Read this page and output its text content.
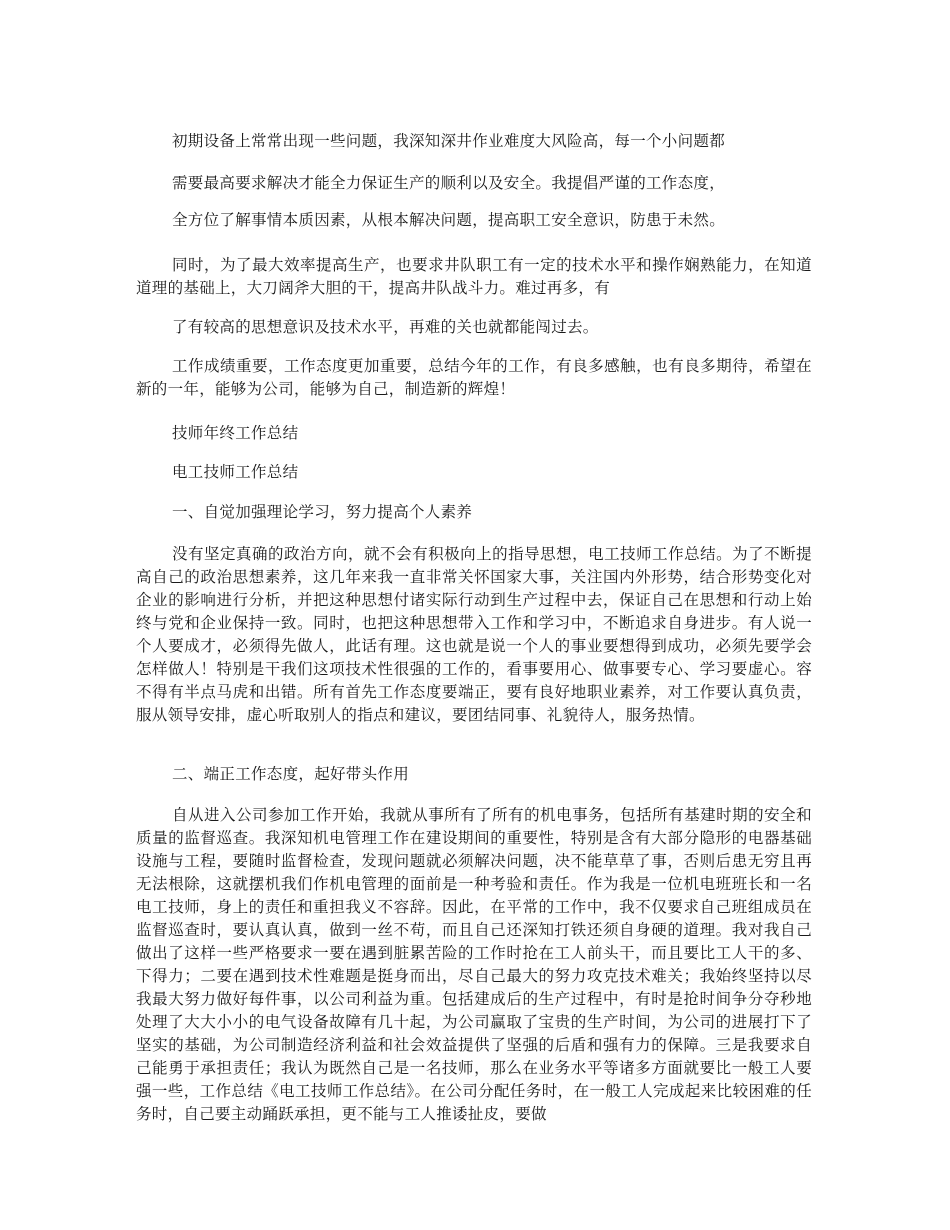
初期设备上常常出现一些问题，我深知深井作业难度大风险高，每一个小问题都

需要最高要求解决才能全力保证生产的顺利以及安全。我提倡严谨的工作态度，

全方位了解事情本质因素，从根本解决问题，提高职工安全意识，防患于未然。

同时，为了最大效率提高生产，也要求井队职工有一定的技术水平和操作娴熟能力，在知道道理的基础上，大刀阔斧大胆的干，提高井队战斗力。难过再多，有

了有较高的思想意识及技术水平，再难的关也就都能闯过去。

工作成绩重要，工作态度更加重要，总结今年的工作，有良多感触，也有良多期待，希望在新的一年，能够为公司，能够为自己，制造新的辉煌！

技师年终工作总结

电工技师工作总结

一、自觉加强理论学习，努力提高个人素养

没有坚定真确的政治方向，就不会有积极向上的指导思想，电工技师工作总结。为了不断提高自己的政治思想素养，这几年来我一直非常关怀国家大事，关注国内外形势，结合形势变化对企业的影响进行分析，并把这种思想付诸实际行动到生产过程中去，保证自己在思想和行动上始终与党和企业保持一致。同时，也把这种思想带入工作和学习中，不断追求自身进步。有人说一个人要成才，必须得先做人，此话有理。这也就是说一个人的事业要想得到成功，必须先要学会怎样做人！特别是干我们这项技术性很强的工作的，看事要用心、做事要专心、学习要虚心。容不得有半点马虎和出错。所有首先工作态度要端正，要有良好地职业素养，对工作要认真负责，服从领导安排，虚心听取别人的指点和建议，要团结同事、礼貌待人，服务热情。

二、端正工作态度，起好带头作用

自从进入公司参加工作开始，我就从事所有了所有的机电事务，包括所有基建时期的安全和质量的监督巡查。我深知机电管理工作在建设期间的重要性，特别是含有大部分隐形的电器基础设施与工程，要随时监督检查，发现问题就必须解决问题，决不能草草了事，否则后患无穷且再无法根除，这就摆机我们作机电管理的面前是一种考验和责任。作为我是一位机电班班长和一名电工技师，身上的责任和重担我义不容辞。因此，在平常的工作中，我不仅要求自己班组成员在监督巡查时，要认真认真，做到一丝不苟，而且自己还深知打铁还须自身硬的道理。我对我自己做出了这样一些严格要求一要在遇到脏累苦险的工作时抢在工人前头干，而且要比工人干的多、下得力；二要在遇到技术性难题是挺身而出，尽自己最大的努力攻克技术难关；我始终坚持以尽我最大努力做好每件事，以公司利益为重。包括建成后的生产过程中，有时是抢时间争分夺秒地处理了大大小小的电气设备故障有几十起，为公司赢取了宝贵的生产时间，为公司的进展打下了坚实的基础，为公司制造经济利益和社会效益提供了坚强的后盾和强有力的保障。三是我要求自己能勇于承担责任；我认为既然自己是一名技师，那么在业务水平等诸多方面就要比一般工人要强一些，工作总结《电工技师工作总结》。在公司分配任务时，在一般工人完成起来比较困难的任务时，自己要主动踊跃承担，更不能与工人推诿扯皮，要做
